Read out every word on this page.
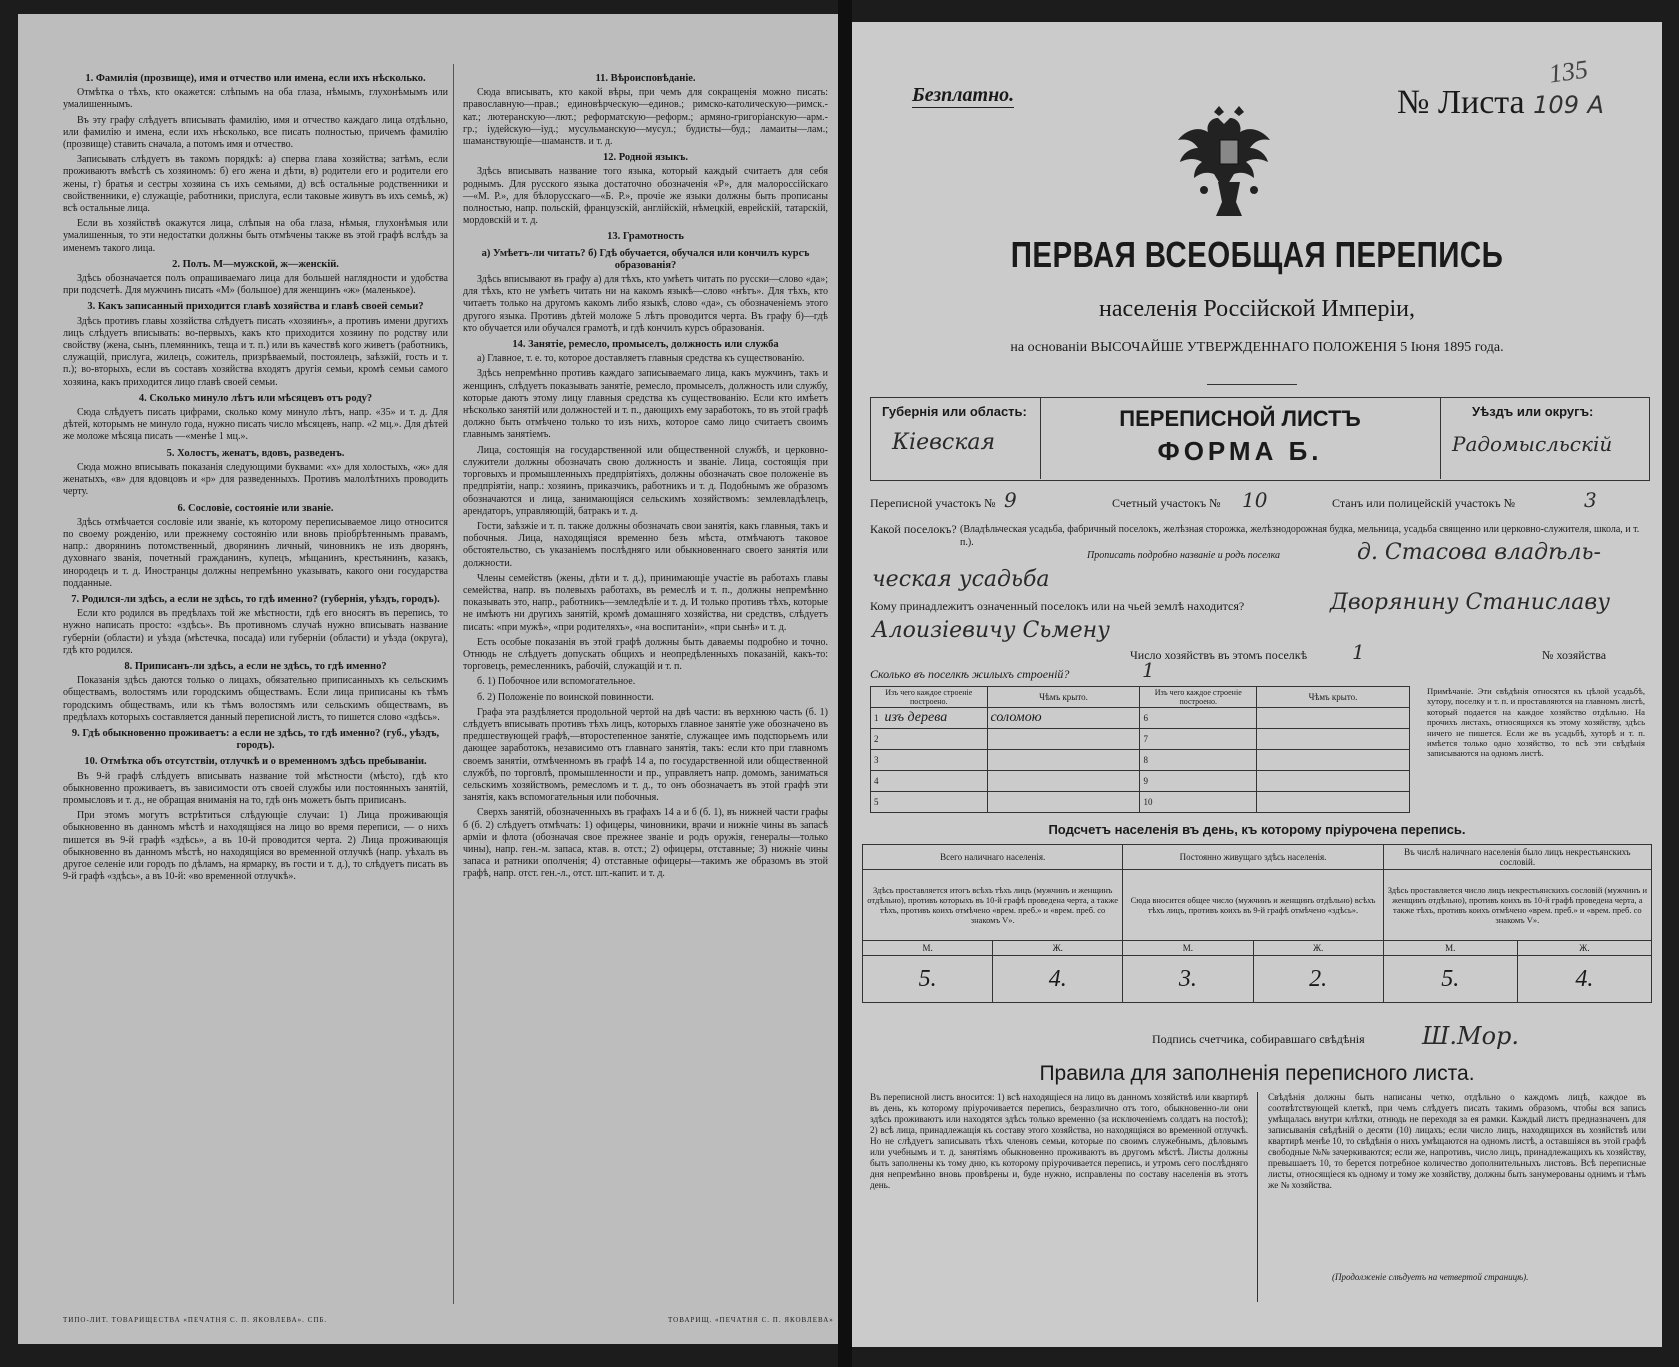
1. Фамилія (прозвище), имя и отчество или имена, если ихъ нѣсколько.
Отмѣтка о тѣхъ, кто окажется: слѣпымъ на оба глаза, нѣмымъ, глухонѣмымъ или умалишеннымъ.
Въ эту графу слѣдуетъ вписывать фамилію, имя и отчество каждаго лица отдѣльно, или фамилію и имена, если ихъ нѣсколько, все писать полностью, причемъ фамилію (прозвище) ставить сначала, а потомъ имя и отчество.
Записывать слѣдуетъ въ такомъ порядкѣ: а) сперва глава хозяйства; затѣмъ, если проживаютъ вмѣстѣ съ хозяиномъ: б) его жена и дѣти, в) родители его и родители его жены, г) братья и сестры хозяина съ ихъ семьями, д) всѣ остальные родственники и свойственники, е) служащіе, работники, прислуга, если таковые живутъ въ ихъ семьѣ, ж) всѣ остальные лица.
Если въ хозяйствѣ окажутся лица, слѣпыя на оба глаза, нѣмыя, глухонѣмыя или умалишенныя, то эти недостатки должны быть отмѣчены также въ этой графѣ вслѣдъ за именемъ такого лица.
2. Полъ. М—мужской, ж—женскій.
Здѣсь обозначается полъ опрашиваемаго лица для большей наглядности и удобства при подсчетѣ. Для мужчинъ писать «М» (большое) для женщинъ «ж» (маленькое).
3. Какъ записанный приходится главѣ хозяйства и главѣ своей семьи?
Здѣсь противъ главы хозяйства слѣдуетъ писать «хозяинъ», а противъ имени другихъ лицъ слѣдуетъ вписывать: во-первыхъ, какъ кто приходится хозяину по родству или свойству (жена, сынъ, племянникъ, теща и т. п.) или въ качествѣ кого живетъ (работникъ, служащій, прислуга, жилецъ, сожитель, призрѣваемый, постоялецъ, заѣзжій, гость и т. п.); во-вторыхъ, если въ составъ хозяйства входятъ другія семьи, кромѣ семьи самого хозяина, какъ приходится лицо главѣ своей семьи.
4. Сколько минуло лѣтъ или мѣсяцевъ отъ роду?
Сюда слѣдуетъ писать цифрами, сколько кому минуло лѣтъ, напр. «35» и т. д. Для дѣтей, которымъ не минуло года, нужно писать число мѣсяцевъ, напр. «2 мц.». Для дѣтей же моложе мѣсяца писать —«менѣе 1 мц.».
5. Холостъ, женатъ, вдовъ, разведенъ.
Сюда можно вписывать показанія следующими буквами: «х» для холостыхъ, «ж» для женатыхъ, «в» для вдовцовъ и «р» для разведенныхъ. Противъ малолѣтнихъ проводить черту.
6. Сословіе, состояніе или званіе.
Здѣсь отмѣчается сословіе или званіе, къ которому переписываемое лицо относится по своему рожденію, или прежнему состоянію или вновь пріобрѣтеннымъ правамъ, напр.: дворянинъ потомственный, дворянинъ личный, чиновникъ не изъ дворянъ, духовнаго званія, почетный гражданинъ, купецъ, мѣщанинъ, крестьянинъ, казакъ, инородецъ и т. д. Иностранцы должны непремѣнно указывать, какого они государства подданные.
7. Родился-ли здѣсь, а если не здѣсь, то гдѣ именно? (губернія, уѣздъ, городъ).
Если кто родился въ предѣлахъ той же мѣстности, гдѣ его вносятъ въ перепись, то нужно написать просто: «здѣсь». Въ противномъ случаѣ нужно вписывать название губерніи (области) и уѣзда (мѣстечка, посада) или губерніи (области) и уѣзда (округа), гдѣ кто родился.
8. Приписанъ-ли здѣсь, а если не здѣсь, то гдѣ именно?
Показанія здѣсь даются только о лицахъ, обязательно приписанныхъ къ сельскимъ обществамъ, волостямъ или городскимъ обществамъ. Если лица приписаны къ тѣмъ городскимъ обществамъ, или къ тѣмъ волостямъ или сельскимъ обществамъ, въ предѣлахъ которыхъ составляется данный переписной листъ, то пишется слово «здѣсь».
9. Гдѣ обыкновенно проживаетъ: а если не здѣсь, то гдѣ именно? (губ., уѣздъ, городъ).
10. Отмѣтка объ отсутствіи, отлучкѣ и о временномъ здѣсь пребываніи.
Въ 9-й графѣ слѣдуетъ вписывать название той мѣстности (мѣсто), гдѣ кто обыкновенно проживаетъ, въ зависимости отъ своей службы или постоянныхъ занятій, промысловъ и т. д., не обращая вниманія на то, гдѣ онъ можетъ быть приписанъ.
При этомъ могутъ встрѣтиться слѣдующіе случаи: 1) Лица проживающія обыкновенно въ данномъ мѣстѣ и находящіяся на лицо во время переписи, — о нихъ пишется въ 9-й графѣ «здѣсь», а въ 10-й проводится черта. 2) Лица проживающія обыкновенно въ данномъ мѣстѣ, но находящіяся во временной отлучкѣ (напр. уѣхалъ въ другое селеніе или городъ по дѣламъ, на ярмарку, въ гости и т. д.), то слѣдуетъ писать въ 9-й графѣ «здѣсь», а въ 10-й: «во временной отлучкѣ».
11. Вѣроисповѣданіе.
Сюда вписывать, кто какой вѣры, при чемъ для сокращенія можно писать: православную—прав.; единовѣрческую—единов.; римско-католическую—римск.-кат.; лютеранскую—лют.; реформатскую—реформ.; армяно-григоріанскую—арм.-гр.; іудейскую—іуд.; мусульманскую—мусул.; будисты—буд.; ламаиты—лам.; шаманствующіе—шаманств. и т. д.
12. Родной языкъ.
Здѣсь вписывать название того языка, который каждый считаетъ для себя роднымъ. Для русского языка достаточно обозначенія «Р», для малороссійскаго—«М. Р.», для бѣлорусскаго—«Б. Р.», прочіе же языки должны быть прописаны полностью, напр. польскій, французскій, англійскій, нѣмецкій, еврейскій, татарскій, мордовскій и т. д.
13. Грамотность
а) Умѣетъ-ли читать? б) Гдѣ обучается, обучался или кончилъ курсъ образованія?
Здѣсь вписывают въ графу а) для тѣхъ, кто умѣетъ читать по русски—слово «да»; для тѣхъ, кто не умѣетъ читать ни на какомъ языкѣ—слово «нѣтъ». Для тѣхъ, кто читаетъ только на другомъ какомъ либо языкѣ, слово «да», съ обозначеніемъ этого другого языка. Противъ дѣтей моложе 5 лѣтъ проводится черта. Въ графу б)—гдѣ кто обучается или обучался грамотѣ, и гдѣ кончилъ курсъ образованія.
14. Занятіе, ремесло, промыселъ, должность или служба
а) Главное, т. е. то, которое доставляетъ главныя средства къ существованію.
Здѣсь непремѣнно противъ каждаго записываемаго лица, какъ мужчинъ, такъ и женщинъ, слѣдуетъ показывать занятіе, ремесло, промыселъ, должность или службу, которые даютъ этому лицу главныя средства къ существованію. Если кто имѣетъ нѣсколько занятій или должностей и т. п., дающихъ ему заработокъ, то въ этой графѣ должно быть отмѣчено только то изъ нихъ, которое само лицо считаетъ своимъ главнымъ занятіемъ.
Лица, состоящія на государственной или общественной службѣ, и церковно-служители должны обозначать свою должность и званіе. Лица, состоящія при торговыхъ и промышленныхъ предпріятіяхъ, должны обозначать свое положеніе въ предпріятіи, напр.: хозяинъ, приказчикъ, работникъ и т. д. Подобнымъ же образомъ обозначаются и лица, занимающіяся сельскимъ хозяйствомъ: землевладѣлецъ, арендаторъ, управляющій, батракъ и т. д.
Гости, заѣзжіе и т. п. также должны обозначать свои занятія, какъ главныя, такъ и побочныя. Лица, находящіяся временно безъ мѣста, отмѣчаютъ таковое обстоятельство, съ указаніемъ послѣдняго или обыкновеннаго своего занятія или должности.
Члены семействъ (жены, дѣти и т. д.), принимающіе участіе въ работахъ главы семейства, напр. въ полевыхъ работахъ, въ ремеслѣ и т. п., должны непремѣнно показывать это, напр., работникъ—земледѣліе и т. д. И только противъ тѣхъ, которые не имѣютъ ни другихъ занятій, кромѣ домашняго хозяйства, ни средствъ, слѣдуетъ писать: «при мужѣ», «при родителяхъ», «на воспитаніи», «при сынѣ» и т. д.
Есть особые показанія въ этой графѣ должны быть даваемы подробно и точно. Отнюдь не слѣдуетъ допускать общихъ и неопредѣленныхъ показаній, какъ-то: торговецъ, ремесленникъ, рабочій, служащій и т. п.
б. 1) Побочное или вспомогательное.
б. 2) Положеніе по воинской повинности.
Графа эта раздѣляется продольной чертой на двѣ части: въ верхнюю часть (б. 1) слѣдуетъ вписывать противъ тѣхъ лицъ, которыхъ главное занятіе уже обозначено въ предшествующей графѣ,—второстепенное занятіе, служащее имъ подспорьемъ или дающее заработокъ, независимо отъ главнаго занятія, такъ: если кто при главномъ своемъ занятіи, отмѣченномъ въ графѣ 14 а, по государственной или общественной службѣ, по торговлѣ, промышленности и пр., управляетъ напр. домомъ, заниматься сельскимъ хозяйствомъ, ремесломъ и т. д., то онъ обозначаетъ въ этой графѣ эти занятія, какъ вспомогательныя или побочныя.
Сверхъ занятій, обозначенныхъ въ графахъ 14 а и б (б. 1), въ нижней части графы б (б. 2) слѣдуетъ отмѣчать: 1) офицеры, чиновники, врачи и нижніе чины въ запасѣ арміи и флота (обозначая свое прежнее званіе и родъ оружія, генералы—только чины), напр. ген.-м. запаса, ктав. в. отст.; 2) офицеры, отставные; 3) нижніе чины запаса и ратники ополченія; 4) отставные офицеры—такимъ же образомъ въ этой графѣ, напр. отст. ген.-л., отст. шт.-капит. и т. д.
ТИПО-ЛИТ. ТОВАРИЩЕСТВА «ПЕЧАТНЯ С. П. ЯКОВЛЕВА». СПБ.	ТОВАРИЩ. «ПЕЧАТНЯ С. П. ЯКОВЛЕВА»
Безплатно.
135
№ Листа 109 А
ПЕРВАЯ ВСЕОБЩАЯ ПЕРЕПИСЬ
населенія Россійской Имперіи,
на основаніи ВЫСОЧАЙШЕ УТВЕРЖДЕННАГО ПОЛОЖЕНІЯ 5 Іюня 1895 года.
Губернія или область:
Кіевская
ПЕРЕПИСНОЙ ЛИСТЪ
ФОРМА Б.
Уѣздъ или округъ:
Радомысльскій
Переписной участокъ № 9	Счетный участокъ № 10	Станъ или полицейскій участокъ №	3
Какой поселокъ? (Владѣльческая усадьба, фабричный поселокъ, желѣзная сторожка, желѣзнодорожная будка, мельница, усадьба священно или церковно-служителя, школа, и т. п.).
Прописать подробно названіе и родъ поселка	д. Стасова владѣль-
ческая усадьба
Кому принадлежитъ означенный поселокъ или на чьей землѣ находится?	Дворянину Станиславу
Алоизіевичу Сьмену
Число хозяйствъ въ этомъ поселкѣ 1	№ хозяйства
Сколько въ поселкѣ жилыхъ строеній?	1
Изъ чего каждое строеніе построено.	Чѣмъ крыто.	Изъ чего каждое строеніе построено.	Чѣмъ крыто.
1 изъ дерева	соломою	6	
2		7	
3		8	
4		9	
5		10	
Примѣчаніе. Эти свѣдѣнія относятся къ цѣлой усадьбѣ, хутору, поселку и т. п. и проставляются на главномъ листѣ, который подается на каждое хозяйство отдѣльно. На прочихъ листахъ, относящихся къ этому хозяйству, здѣсь ничего не пишется. Если же въ усадьбѣ, хуторѣ и т. п. имѣется только одно хозяйство, то всѣ эти свѣдѣнія записываются на одномъ листѣ.
Подсчетъ населенія въ день, къ которому пріурочена перепись.
Всего наличнаго населенія.		Постоянно живущаго здѣсь населенія.		Въ числѣ наличнаго населенія было лицъ некрестьянскихъ сословій.	
Здѣсь проставляется итогъ всѣхъ тѣхъ лицъ (мужчинъ и женщинъ отдѣльно), противъ которыхъ въ 10-й графѣ проведена черта, а также тѣхъ, противъ коихъ отмѣчено «врем. преб.» и «врем. преб. со знакомъ V».		Сюда вносится общее число (мужчинъ и женщинъ отдѣльно) всѣхъ тѣхъ лицъ, противъ коихъ въ 9-й графѣ отмѣчено «здѣсь».		Здѣсь проставляется число лицъ некрестьянскихъ сословій (мужчинъ и женщинъ отдѣльно), противъ коихъ въ 10-й графѣ проведена черта, а также тѣхъ, противъ коихъ отмѣчено «врем. преб.» и «врем. преб. со знакомъ V».	
М.	Ж.	М.	Ж.	М.	Ж.
5.	4.	3.	2.	5.	4.
Подпись счетчика, собиравшаго свѣдѣнія Ш.Мор.
Правила для заполненія переписного листа.
Въ переписной листъ вносится: 1) всѣ находящіеся на лицо въ данномъ хозяйствѣ или квартирѣ въ день, къ которому пріурочивается перепись, безразлично отъ того, обыкновенно-ли они здѣсь проживаютъ или находятся здѣсь только временно (за исключеніемъ солдатъ на постоѣ); 2) всѣ лица, принадлежащія къ составу этого хозяйства, но находящіяся во временной отлучкѣ. Но не слѣдуетъ записывать тѣхъ членовъ семьи, которые по своимъ служебнымъ, дѣловымъ или учебнымъ и т. д. занятіямъ обыкновенно проживаютъ въ другомъ мѣстѣ. Листы должны быть заполнены къ тому дню, къ которому пріурочивается перепись, и утромъ сего послѣдняго дня непремѣнно вновь провѣрены и, буде нужно, исправлены по составу населенія въ этотъ день.
Свѣдѣнія должны быть написаны четко, отдѣльно о каждомъ лицѣ, каждое въ соотвѣтствующей клеткѣ, при чемъ слѣдуетъ писать такимъ образомъ, чтобы вся запись умѣщалась внутри клѣтки, отнюдь не переходя за ея рамки. Каждый листъ предназначенъ для записыванія свѣдѣній о десяти (10) лицахъ; если число лицъ, находящихся въ хозяйствѣ или квартирѣ менѣе 10, то свѣдѣнія о нихъ умѣщаются на одномъ листѣ, а оставшіяся въ этой графѣ свободные №№ зачеркиваются; если же, напротивъ, число лицъ, принадлежащихъ къ хозяйству, превышаетъ 10, то берется потребное количество дополнительныхъ листовъ. Всѣ переписные листы, относящіеся къ одному и тому же хозяйству, должны быть занумерованы однимъ и тѣмъ же № хозяйства.
(Продолженіе слѣдуетъ на четвертой страницѣ).
